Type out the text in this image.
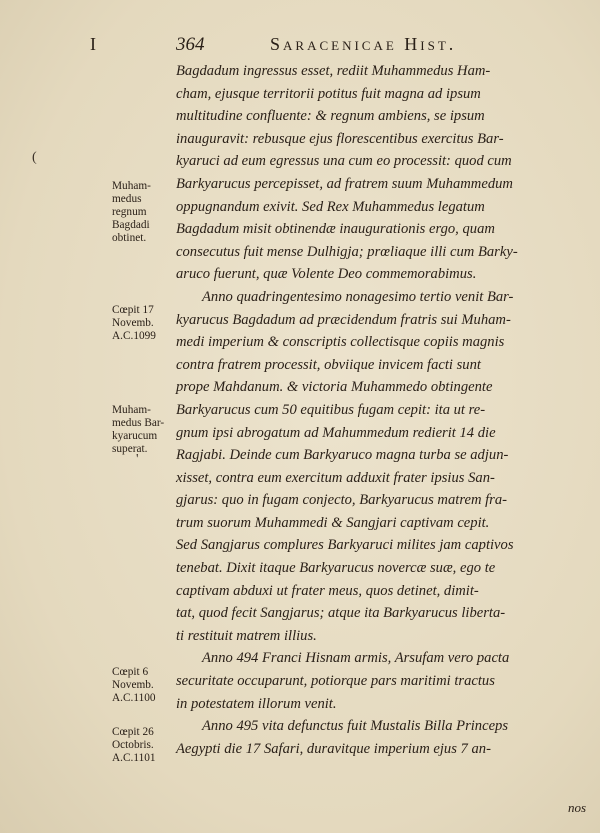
I	364	Saracenicae Hist.
(
'
Bagdadum ingressus esset, rediit Muhammedus Ham-
cham, ejusque territorii potitus fuit magna ad ipsum
multitudine confluente: & regnum ambiens, se ipsum
inauguravit: rebusque ejus florescentibus exercitus Bar-
kyaruci ad eum egressus una cum eo processit: quod cum
Barkyarucus percepisset, ad fratrem suum Muhammedum
oppugnandum exivit. Sed Rex Muhammedus legatum
Bagdadum misit obtinendæ inaugurationis ergo, quam
consecutus fuit mense Dulhigja; prœliaque illi cum Barky-
aruco fuerunt, quæ Volente Deo commemorabimus.
Anno quadringentesimo nonagesimo tertio venit Bar-
kyarucus Bagdadum ad præcidendum fratris sui Muham-
medi imperium & conscriptis collectisque copiis magnis
contra fratrem processit, obviique invicem facti sunt
prope Mahdanum. & victoria Muhammedo obtingente
Barkyarucus cum 50 equitibus fugam cepit: ita ut re-
gnum ipsi abrogatum ad Mahummedum redierit 14 die
Ragjabi. Deinde cum Barkyaruco magna turba se adjun-
xisset, contra eum exercitum adduxit frater ipsius San-
gjarus: quo in fugam conjecto, Barkyarucus matrem fra-
trum suorum Muhammedi & Sangjari captivam cepit.
Sed Sangjarus complures Barkyaruci milites jam captivos
tenebat. Dixit itaque Barkyarucus novercæ suæ, ego te
captivam abduxi ut frater meus, quos detinet, dimit-
tat, quod fecit Sangjarus; atque ita Barkyarucus liberta-
ti restituit matrem illius.
Anno 494 Franci Hisnam armis, Arsufam vero pacta
securitate occuparunt, potiorque pars maritimi tractus
in potestatem illorum venit.
Anno 495 vita defunctus fuit Mustalis Billa Princeps
Aegypti die 17 Safari, duravitque imperium ejus 7 an-
nos
Muham-
medus
regnum
Bagdadi
obtinet.
Cœpit 17
Novemb.
A.C.1099
Muham-
medus Bar-
kyarucum
superat.
Cœpit 6
Novemb.
A.C.1100
Cœpit 26
Octobris.
A.C.1101
